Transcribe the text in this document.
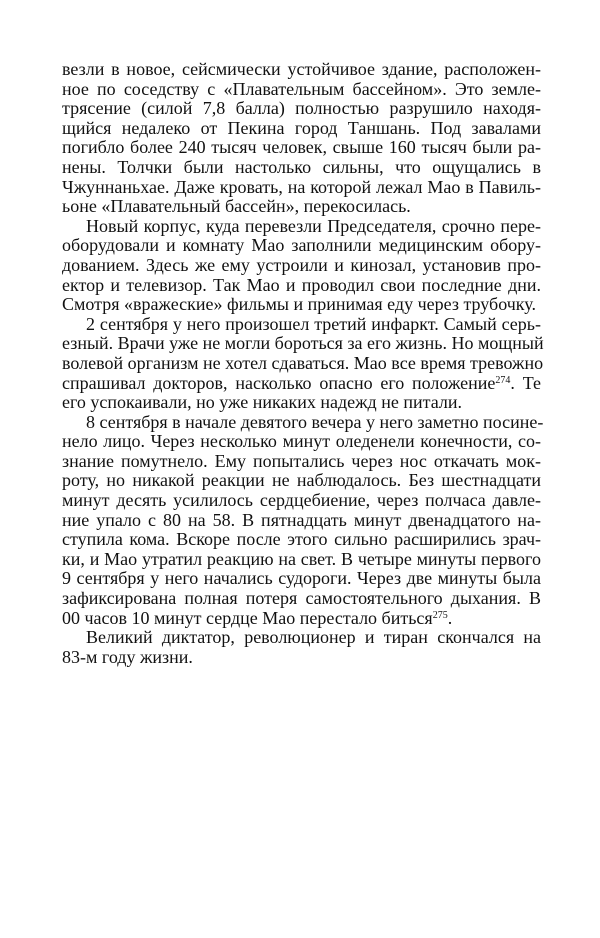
везли в новое, сейсмически устойчивое здание, расположен-
ное по соседству с «Плавательным бассейном». Это земле-
трясение (силой 7,8 балла) полностью разрушило находя-
щийся недалеко от Пекина город Таншань. Под завалами
погибло более 240 тысяч человек, свыше 160 тысяч были ра-
нены. Толчки были настолько сильны, что ощущались в
Чжуннаньхае. Даже кровать, на которой лежал Мао в Павиль-
ьоне «Плавательный бассейн», перекосилась.
Новый корпус, куда перевезли Председателя, срочно пере-
оборудовали и комнату Мао заполнили медицинским обору-
дованием. Здесь же ему устроили и кинозал, установив про-
ектор и телевизор. Так Мао и проводил свои последние дни.
Смотря «вражеские» фильмы и принимая еду через трубочку.
2 сентября у него произошел третий инфаркт. Самый серь-
езный. Врачи уже не могли бороться за его жизнь. Но мощный
волевой организм не хотел сдаваться. Мао все время тревожно
спрашивал докторов, насколько опасно его положение$^{274}$. Те
его успокаивали, но уже никаких надежд не питали.
8 сентября в начале девятого вечера у него заметно посине-
нело лицо. Через несколько минут оледенели конечности, со-
знание помутнело. Ему попытались через нос откачать мок-
роту, но никакой реакции не наблюдалось. Без шестнадцати
минут десять усилилось сердцебиение, через полчаса давле-
ние упало с 80 на 58. В пятнадцать минут двенадцатого на-
ступила кома. Вскоре после этого сильно расширились зрач-
ки, и Мао утратил реакцию на свет. В четыре минуты первого
9 сентября у него начались судороги. Через две минуты была
зафиксирована полная потеря самостоятельного дыхания. В
00 часов 10 минут сердце Мао перестало биться$^{275}$.
Великий диктатор, революционер и тиран скончался на
83-м году жизни.
